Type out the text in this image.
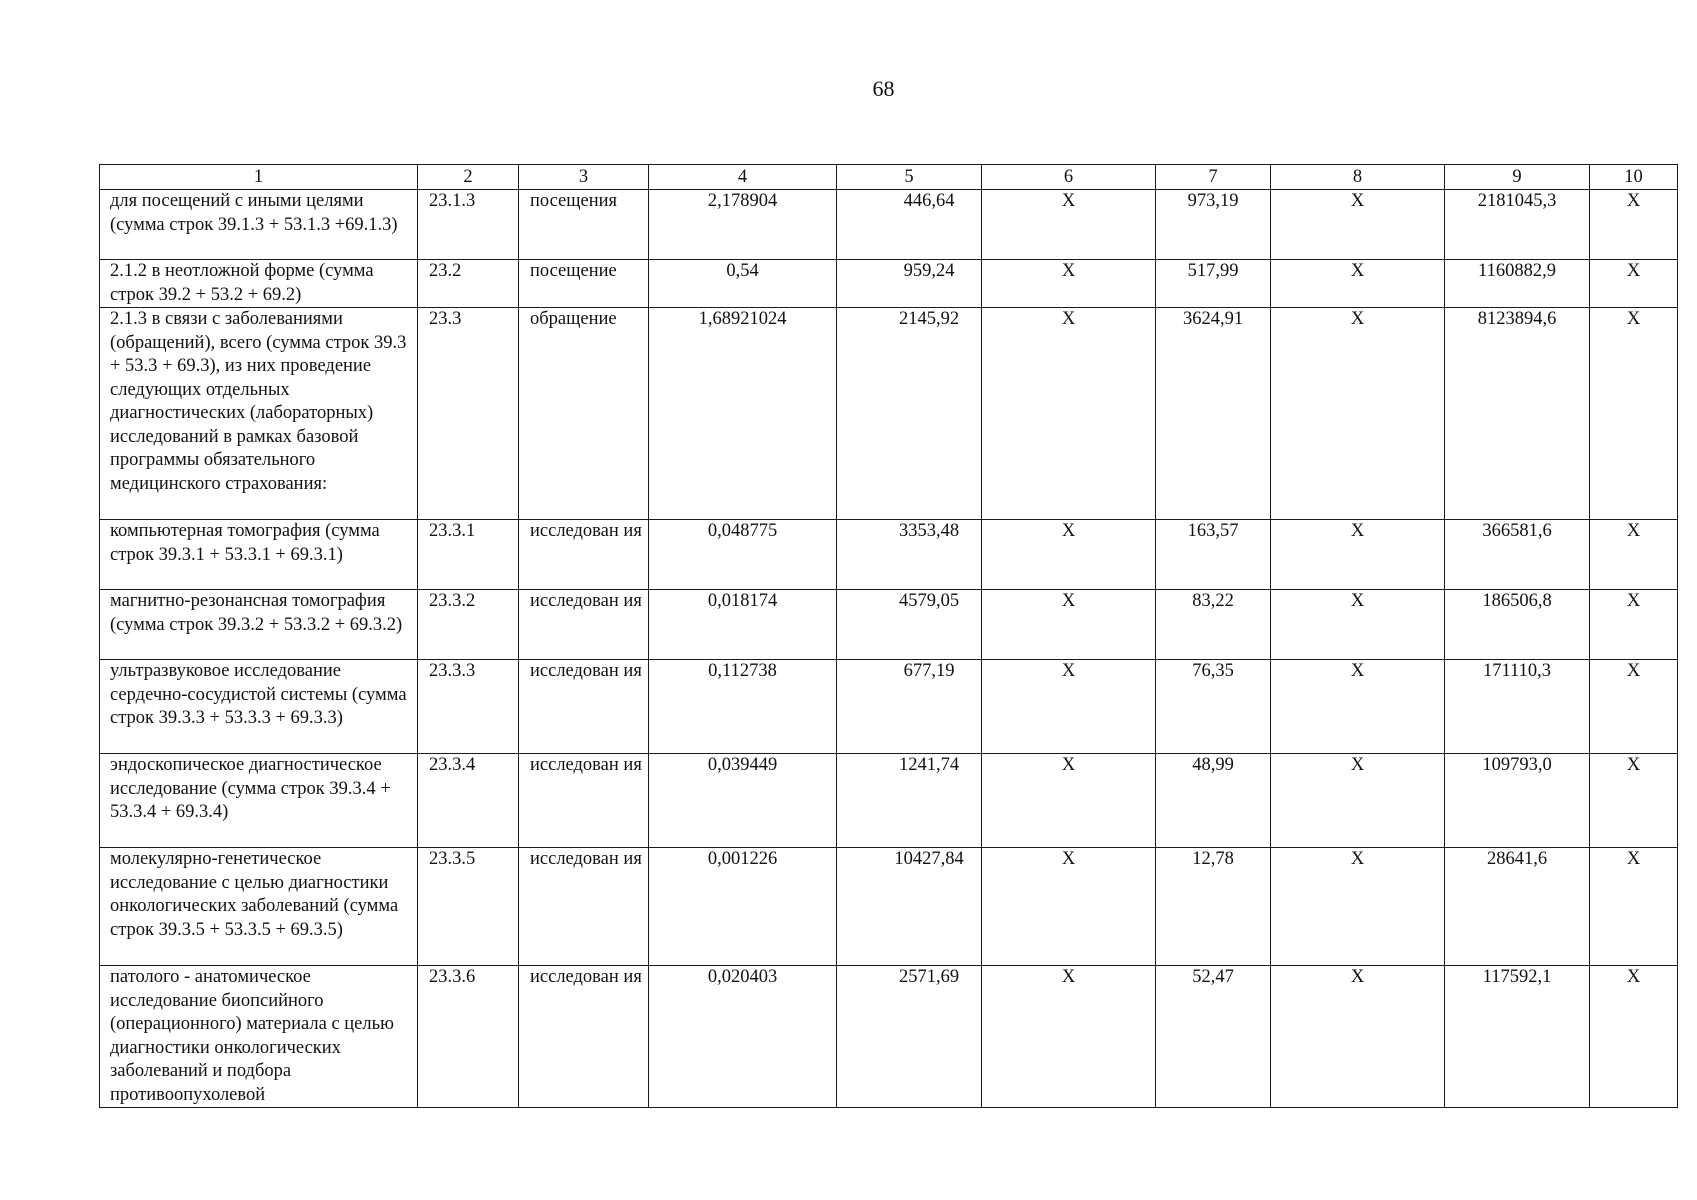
68
1	2	3	4	5	6	7	8	9	10
для посещений с иными целями (сумма строк 39.1.3 + 53.1.3 +69.1.3)	23.1.3	посещения	2,178904	446,64	Х	973,19	Х	2181045,3	Х
2.1.2 в неотложной форме (сумма строк 39.2 + 53.2 + 69.2)	23.2	посещение	0,54	959,24	Х	517,99	Х	1160882,9	Х
2.1.3 в связи с заболеваниями (обращений), всего (сумма строк 39.3 + 53.3 + 69.3), из них проведение следующих отдельных диагностических (лабораторных) исследований в рамках базовой программы обязательного медицинского страхования:	23.3	обращение	1,68921024	2145,92	Х	3624,91	Х	8123894,6	Х
компьютерная томография (сумма строк 39.3.1 + 53.3.1 + 69.3.1)	23.3.1	исследован ия	0,048775	3353,48	Х	163,57	Х	366581,6	Х
магнитно-резонансная томография (сумма строк 39.3.2 + 53.3.2 + 69.3.2)	23.3.2	исследован ия	0,018174	4579,05	Х	83,22	Х	186506,8	Х
ультразвуковое исследование сердечно-сосудистой системы (сумма строк 39.3.3 + 53.3.3 + 69.3.3)	23.3.3	исследован ия	0,112738	677,19	Х	76,35	Х	171110,3	Х
эндоскопическое диагностическое исследование (сумма строк 39.3.4 + 53.3.4 + 69.3.4)	23.3.4	исследован ия	0,039449	1241,74	Х	48,99	Х	109793,0	Х
молекулярно-генетическое исследование с целью диагностики онкологических заболеваний (сумма строк 39.3.5 + 53.3.5 + 69.3.5)	23.3.5	исследован ия	0,001226	10427,84	Х	12,78	Х	28641,6	Х
патолого - анатомическое исследование биопсийного (операционного) материала с целью диагностики онкологических заболеваний и подбора противоопухолевой	23.3.6	исследован ия	0,020403	2571,69	Х	52,47	Х	117592,1	Х
